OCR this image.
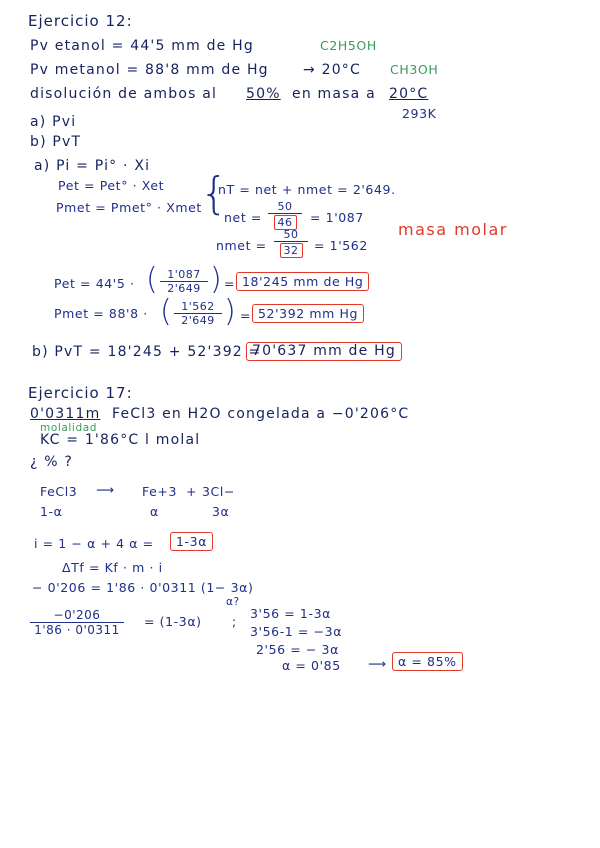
Ejercicio 12:
Pv etanol = 44'5 mm de Hg	C2H5OH
Pv metanol = 88'8 mm de Hg → 20°C CH3OH
disolución de ambos al 50% en masa a 20°C
293K
a) Pvi
b) PvT
a) Pi = Pi° · Xi
Pet = Pet° · Xet
Pmet = Pmet° · Xmet
{
nT = net + nmet = 2'649.
net = $\frac{50}{46} = 1'087$
nmet = $\frac{50}{32} = 1'562$
masa molar
Pet = 44'5 · ( $\frac{1'087}{2'649}$ ) = 18'245 mm de Hg
Pmet = 88'8 · ( $\frac{1'562}{2'649}$ ) = 52'392 mm Hg
b) PvT = 18'245 + 52'392 =
70'637 mm de Hg
Ejercicio 17:
0'0311m FeCl3 en H2O congelada a −0'206°C
molalidad
KC = 1'86°C l molal
¿ % ?
FeCl3 ⟶ Fe+3 + 3Cl−
1-α	α	3α
i = 1 − α + 4 α =	1-3α
ΔTf = Kf · m · i
− 0'206 = 1'86 · 0'0311 (1− 3α)
α?
$\frac{-0'206}{1'86 \cdot 0'0311} = (1-3\alpha)$ ;
3'56 = 1-3α
3'56-1 = −3α
2'56 = − 3α
α = 0'85 ⟶ α = 85%
